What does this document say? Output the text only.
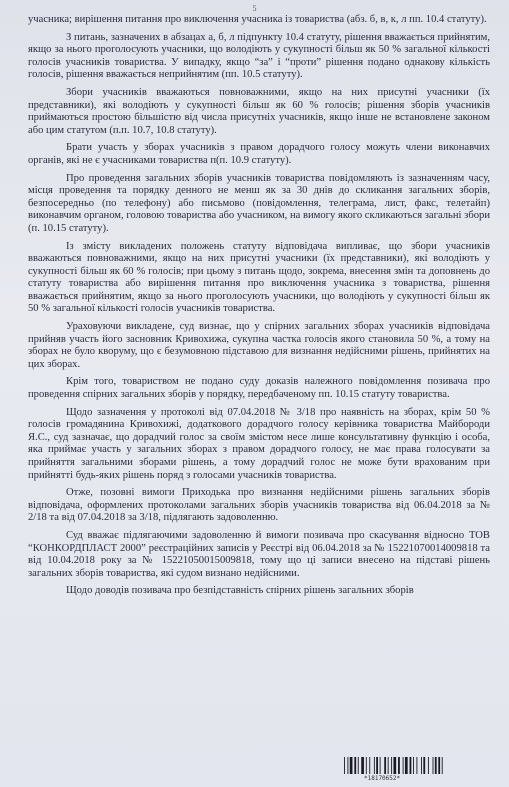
5

учасника; вирішення питання про виключення учасника із товариства (абз. б, в, к, л пп. 10.4 статуту).

З питань, зазначених в абзацах а, б, л підпункту 10.4 статуту, рішення вважається прийнятим, якщо за нього проголосують учасники, що володіють у сукупності більш як 50 % загальної кількості голосів учасників товариства. У випадку, якщо “за” і “проти” рішення подано однакову кількість голосів, рішення вважається неприйнятим (пп. 10.5 статуту).

Збори учасників вважаються повноважними, якщо на них присутні учасники (їх представники), які володіють у сукупності більш як 60 % голосів; рішення зборів учасників приймаються простою більшістю від числа присутніх учасників, якщо інше не встановлене законом або цим статутом (п.п. 10.7, 10.8 статуту).

Брати участь у зборах учасників з правом дорадчого голосу можуть члени виконавчих органів, які не є учасниками товариства п(п. 10.9 статуту).

Про проведення загальних зборів учасників товариства повідомляють із зазначенням часу, місця проведення та порядку денного не менш як за 30 днів до скликання загальних зборів, безпосередньо (по телефону) або письмово (повідомлення, телеграма, лист, факс, телетайп) виконавчим органом, головою товариства або учасником, на вимогу якого скликаються загальні збори (п. 10.15 статуту).

Із змісту викладених положень статуту відповідача випливає, що збори учасників вважаються повноважними, якщо на них присутні учасники (їх представники), які володіють у сукупності більш як 60 % голосів; при цьому з питань щодо, зокрема, внесення змін та доповнень до статуту товариства або вирішення питання про виключення учасника з товариства, рішення вважається прийнятим, якщо за нього проголосують учасники, що володіють у сукупності більш як 50 % загальної кількості голосів учасників товариства.

Ураховуючи викладене, суд визнає, що у спірних загальних зборах учасників відповідача прийняв участь його засновник Кривохижа, сукупна частка голосів якого становила 50 %, а тому на зборах не було кворуму, що є безумовною підставою для визнання недійсними рішень, прийнятих на цих зборах.

Крім того, товариством не подано суду доказів належного повідомлення позивача про проведення спірних загальних зборів у порядку, передбаченому пп. 10.15 статуту товариства.

Щодо зазначення у протоколі від 07.04.2018 № 3/18 про наявність на зборах, крім 50 % голосів громадянина Кривохижі, додаткового дорадчого голосу керівника товариства Майбороди Я.С., суд зазначає, що дорадчий голос за своїм змістом несе лише консультативну функцію і особа, яка приймає участь у загальних зборах з правом дорадчого голосу, не має права голосувати за прийняття загальними зборами рішень, а тому дорадчий голос не може бути врахованим при прийнятті будь-яких рішень поряд з голосами учасників товариства.

Отже, позовні вимоги Приходька про визнання недійсними рішень загальних зборів відповідача, оформлених протоколами загальних зборів учасників товариства від 06.04.2018 за № 2/18 та від 07.04.2018 за 3/18, підлягають задоволенню.

Суд вважає підлягаючими задоволенню й вимоги позивача про скасування відносно ТОВ “КОНКОРДПЛАСТ 2000” реєстраційних записів у Реєстрі від 06.04.2018 за № 15221070014009818 та від 10.04.2018 року за № 15221050015009818, тому що ці записи внесено на підставі рішень загальних зборів товариства, які судом визнано недійсними.

Щодо доводів позивача про безпідставність спірних рішень загальних зборів

*18170652*
